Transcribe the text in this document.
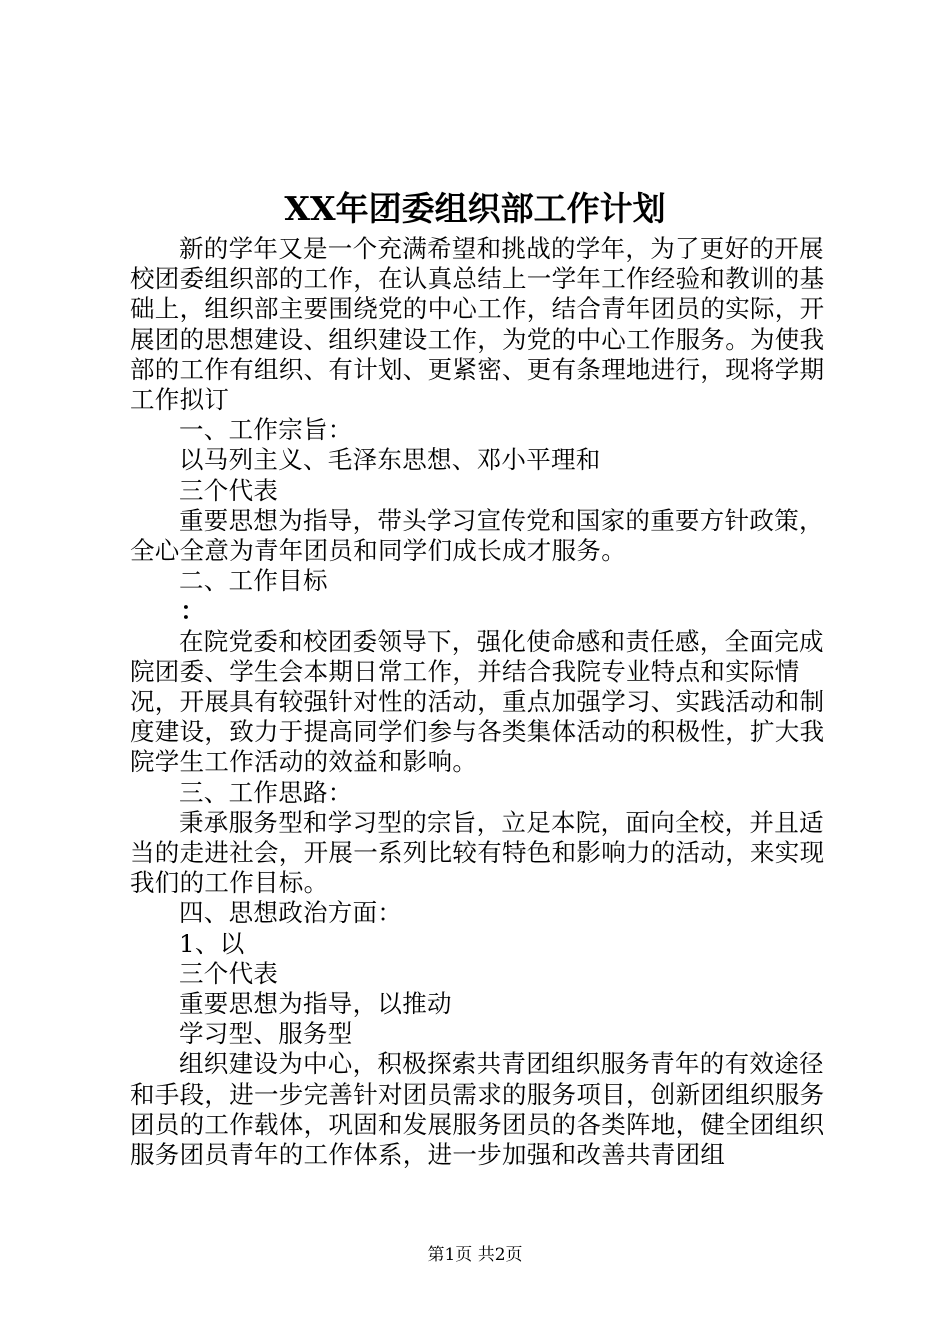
XX年团委组织部工作计划

新的学年又是一个充满希望和挑战的学年，为了更好的开展校团委组织部的工作，在认真总结上一学年工作经验和教训的基础上，组织部主要围绕党的中心工作，结合青年团员的实际，开展团的思想建设、组织建设工作，为党的中心工作服务。为使我部的工作有组织、有计划、更紧密、更有条理地进行，现将学期工作拟订

一、工作宗旨：

以马列主义、毛泽东思想、邓小平理和

三个代表

重要思想为指导，带头学习宣传党和国家的重要方针政策，全心全意为青年团员和同学们成长成才服务。

二、工作目标

：

在院党委和校团委领导下，强化使命感和责任感，全面完成院团委、学生会本期日常工作，并结合我院专业特点和实际情况，开展具有较强针对性的活动，重点加强学习、实践活动和制度建设，致力于提高同学们参与各类集体活动的积极性，扩大我院学生工作活动的效益和影响。

三、工作思路：

秉承服务型和学习型的宗旨，立足本院，面向全校，并且适当的走进社会，开展一系列比较有特色和影响力的活动，来实现我们的工作目标。

四、思想政治方面：

1、以

三个代表

重要思想为指导，以推动

学习型、服务型

组织建设为中心，积极探索共青团组织服务青年的有效途径和手段，进一步完善针对团员需求的服务项目，创新团组织服务团员的工作载体，巩固和发展服务团员的各类阵地，健全团组织服务团员青年的工作体系，进一步加强和改善共青团组

第1页 共2页
